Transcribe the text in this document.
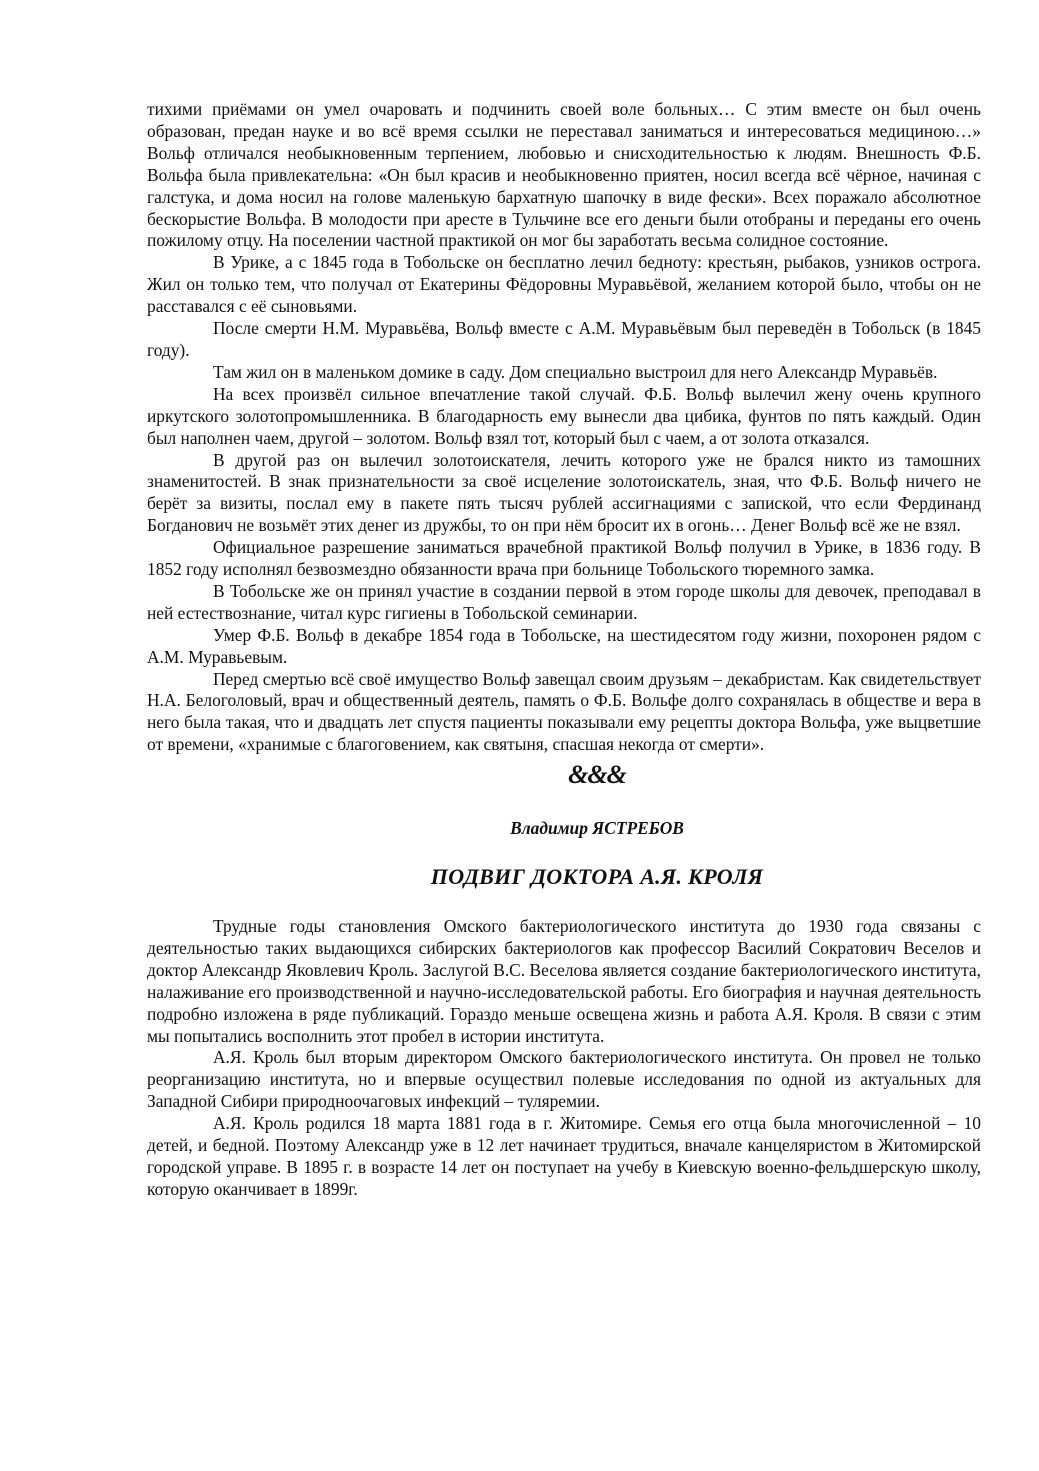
тихими приёмами он умел очаровать и подчинить своей воле больных… С этим вместе он был очень образован, предан науке и во всё время ссылки не переставал заниматься и интересоваться медициною…» Вольф отличался необыкновенным терпением, любовью и снисходительностью к людям. Внешность Ф.Б. Вольфа была привлекательна: «Он был красив и необыкновенно приятен, носил всегда всё чёрное, начиная с галстука, и дома носил на голове маленькую бархатную шапочку в виде фески». Всех поражало абсолютное бескорыстие Вольфа. В молодости при аресте в Тульчине все его деньги были отобраны и переданы его очень пожилому отцу. На поселении частной практикой он мог бы заработать весьма солидное состояние.

В Урике, а с 1845 года в Тобольске он бесплатно лечил бедноту: крестьян, рыбаков, узников острога. Жил он только тем, что получал от Екатерины Фёдоровны Муравьёвой, желанием которой было, чтобы он не расставался с её сыновьями.

После смерти Н.М. Муравьёва, Вольф вместе с А.М. Муравьёвым был переведён в Тобольск (в 1845 году).

Там жил он в маленьком домике в саду. Дом специально выстроил для него Александр Муравьёв.

На всех произвёл сильное впечатление такой случай. Ф.Б. Вольф вылечил жену очень крупного иркутского золотопромышленника. В благодарность ему вынесли два цибика, фунтов по пять каждый. Один был наполнен чаем, другой – золотом. Вольф взял тот, который был с чаем, а от золота отказался.

В другой раз он вылечил золотоискателя, лечить которого уже не брался никто из тамошних знаменитостей. В знак признательности за своё исцеление золотоискатель, зная, что Ф.Б. Вольф ничего не берёт за визиты, послал ему в пакете пять тысяч рублей ассигнациями с запиской, что если Фердинанд Богданович не возьмёт этих денег из дружбы, то он при нём бросит их в огонь… Денег Вольф всё же не взял.

Официальное разрешение заниматься врачебной практикой Вольф получил в Урике, в 1836 году. В 1852 году исполнял безвозмездно обязанности врача при больнице Тобольского тюремного замка.

В Тобольске же он принял участие в создании первой в этом городе школы для девочек, преподавал в ней естествознание, читал курс гигиены в Тобольской семинарии.

Умер Ф.Б. Вольф в декабре 1854 года в Тобольске, на шестидесятом году жизни, похоронен рядом с А.М. Муравьевым.

Перед смертью всё своё имущество Вольф завещал своим друзьям – декабристам. Как свидетельствует Н.А. Белоголовый, врач и общественный деятель, память о Ф.Б. Вольфе долго сохранялась в обществе и вера в него была такая, что и двадцать лет спустя пациенты показывали ему рецепты доктора Вольфа, уже выцветшие от времени, «хранимые с благоговением, как святыня, спасшая некогда от смерти».

&&&
Владимир ЯСТРЕБОВ
ПОДВИГ ДОКТОРА А.Я. КРОЛЯ

Трудные годы становления Омского бактериологического института до 1930 года связаны с деятельностью таких выдающихся сибирских бактериологов как профессор Василий Сократович Веселов и доктор Александр Яковлевич Кроль. Заслугой В.С. Веселова является создание бактериологического института, налаживание его производственной и научно-исследовательской работы. Его биография и научная деятельность подробно изложена в ряде публикаций. Гораздо меньше освещена жизнь и работа А.Я. Кроля. В связи с этим мы попытались восполнить этот пробел в истории института.

А.Я. Кроль был вторым директором Омского бактериологического института. Он провел не только реорганизацию института, но и впервые осуществил полевые исследования по одной из актуальных для Западной Сибири природноочаговых инфекций – туляремии.

А.Я. Кроль родился 18 марта 1881 года в г. Житомире. Семья его отца была многочисленной – 10 детей, и бедной. Поэтому Александр уже в 12 лет начинает трудиться, вначале канцеляристом в Житомирской городской управе. В 1895 г. в возрасте 14 лет он поступает на учебу в Киевскую военно-фельдшерскую школу, которую оканчивает в 1899г.
